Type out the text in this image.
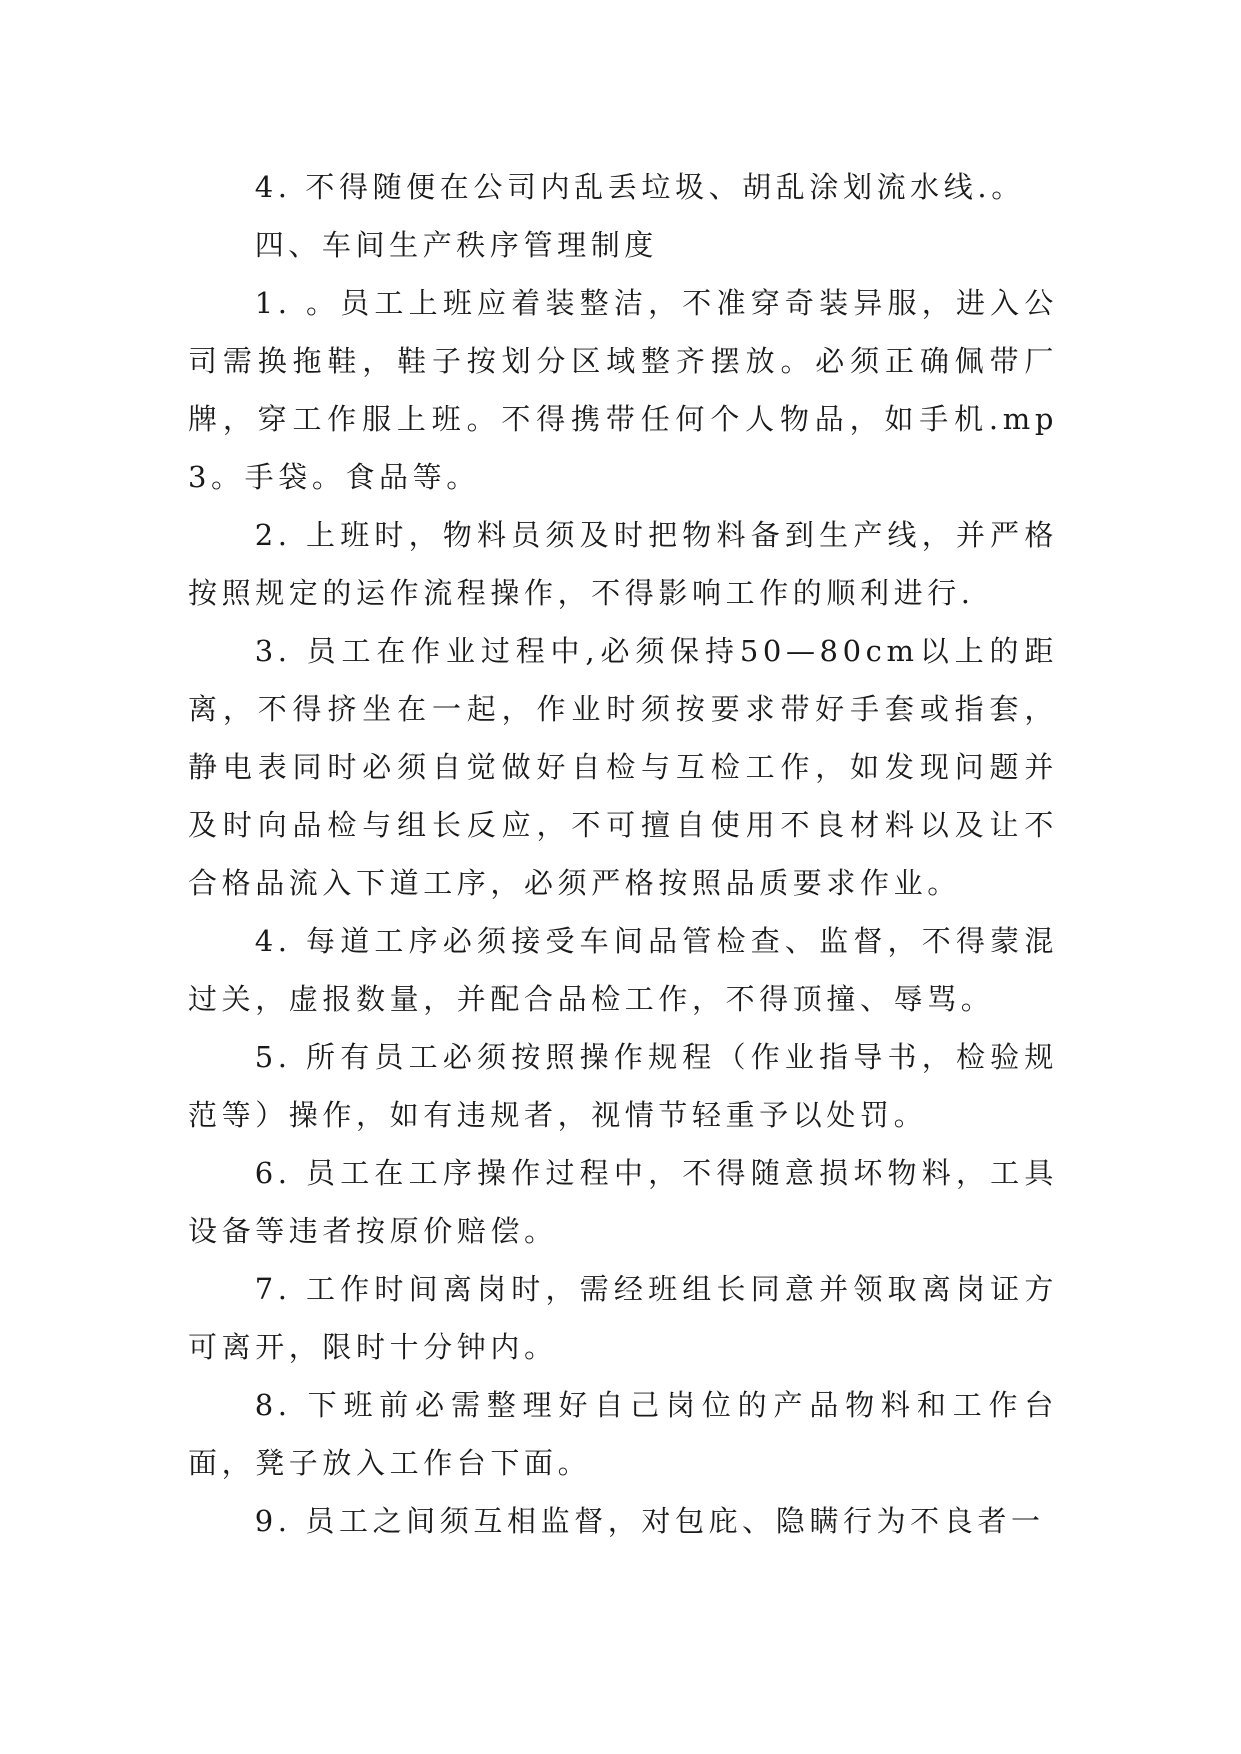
4. 不得随便在公司内乱丢垃圾、胡乱涂划流水线.。

四、车间生产秩序管理制度

1. 。员工上班应着装整洁，不准穿奇装异服，进入公司需换拖鞋，鞋子按划分区域整齐摆放。必须正确佩带厂牌，穿工作服上班。不得携带任何个人物品，如手机.mp3。手袋。食品等。

2. 上班时，物料员须及时把物料备到生产线，并严格按照规定的运作流程操作，不得影响工作的顺利进行.

3. 员工在作业过程中,必须保持50—80cm以上的距离，不得挤坐在一起，作业时须按要求带好手套或指套，静电表同时必须自觉做好自检与互检工作，如发现问题并及时向品检与组长反应，不可擅自使用不良材料以及让不合格品流入下道工序，必须严格按照品质要求作业。

4. 每道工序必须接受车间品管检查、监督，不得蒙混过关，虚报数量，并配合品检工作，不得顶撞、辱骂。

5. 所有员工必须按照操作规程（作业指导书，检验规范等）操作，如有违规者，视情节轻重予以处罚。

6. 员工在工序操作过程中，不得随意损坏物料，工具设备等违者按原价赔偿。

7. 工作时间离岗时，需经班组长同意并领取离岗证方可离开，限时十分钟内。

8. 下班前必需整理好自己岗位的产品物料和工作台面，凳子放入工作台下面。

9. 员工之间须互相监督，对包庇、隐瞒行为不良者一
